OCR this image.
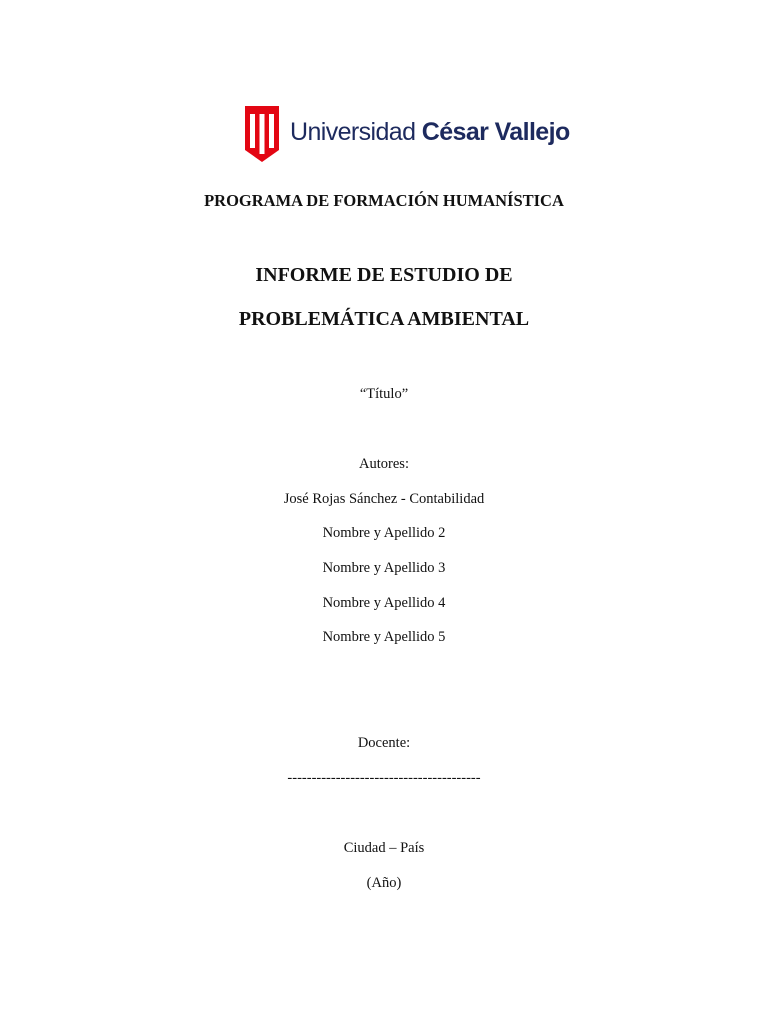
Universidad César Vallejo
PROGRAMA DE FORMACIÓN HUMANÍSTICA
INFORME DE ESTUDIO DE
PROBLEMÁTICA AMBIENTAL
“Título”
Autores:
José Rojas Sánchez - Contabilidad
Nombre y Apellido 2
Nombre y Apellido 3
Nombre y Apellido 4
Nombre y Apellido 5
Docente:
----------------------------------------
Ciudad – País
(Año)
